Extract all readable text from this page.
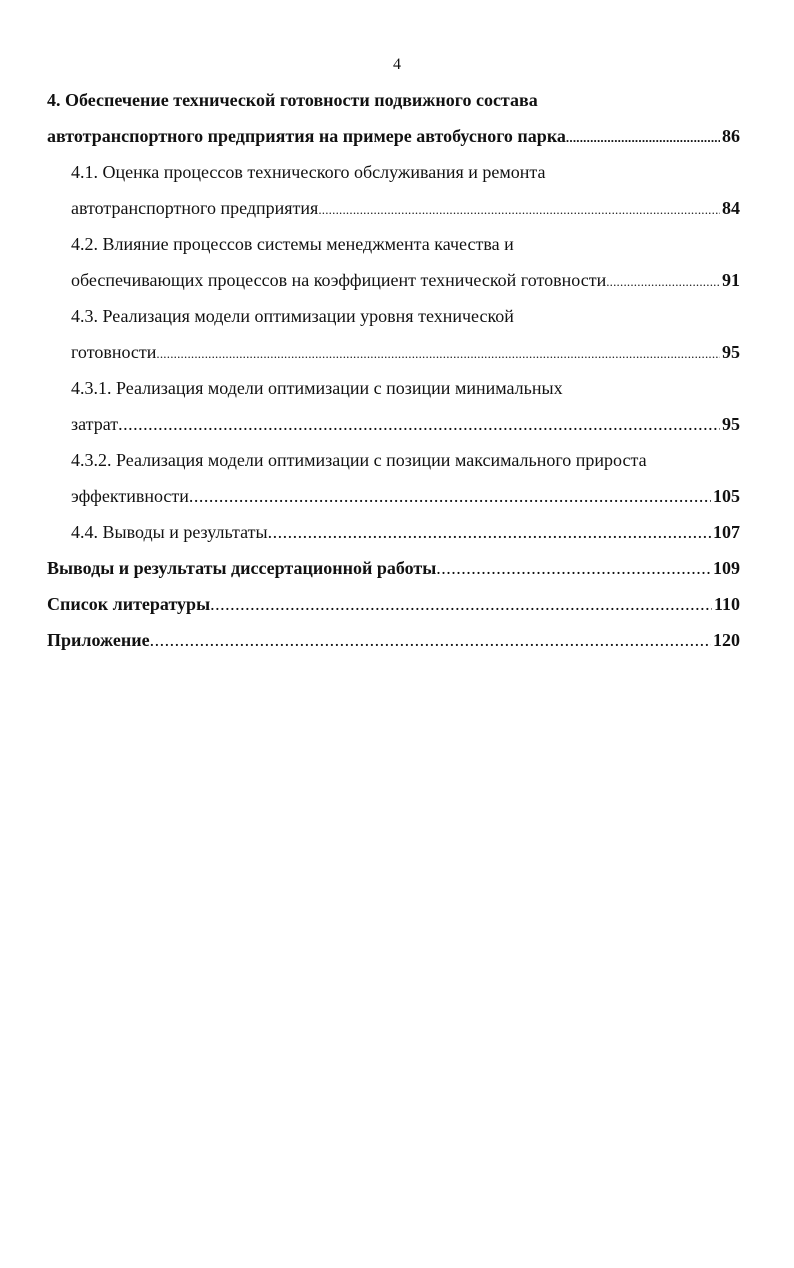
4
4. Обеспечение технической готовности подвижного состава
автотранспортного предприятия на примере автобусного парка .....	86
4.1. Оценка процессов технического обслуживания и ремонта
автотранспортного предприятия .....	84
4.2. Влияние процессов системы менеджмента качества и
обеспечивающих процессов на коэффициент технической готовности .....	91
4.3. Реализация модели оптимизации уровня технической
готовности .....	95
4.3.1. Реализация модели оптимизации с позиции минимальных
затрат .....	95
4.3.2. Реализация модели оптимизации с позиции максимального прироста
эффективности .....	105
4.4. Выводы и результаты .....	107
Выводы и результаты диссертационной работы .....	109
Список литературы .....	110
Приложение .....	120
